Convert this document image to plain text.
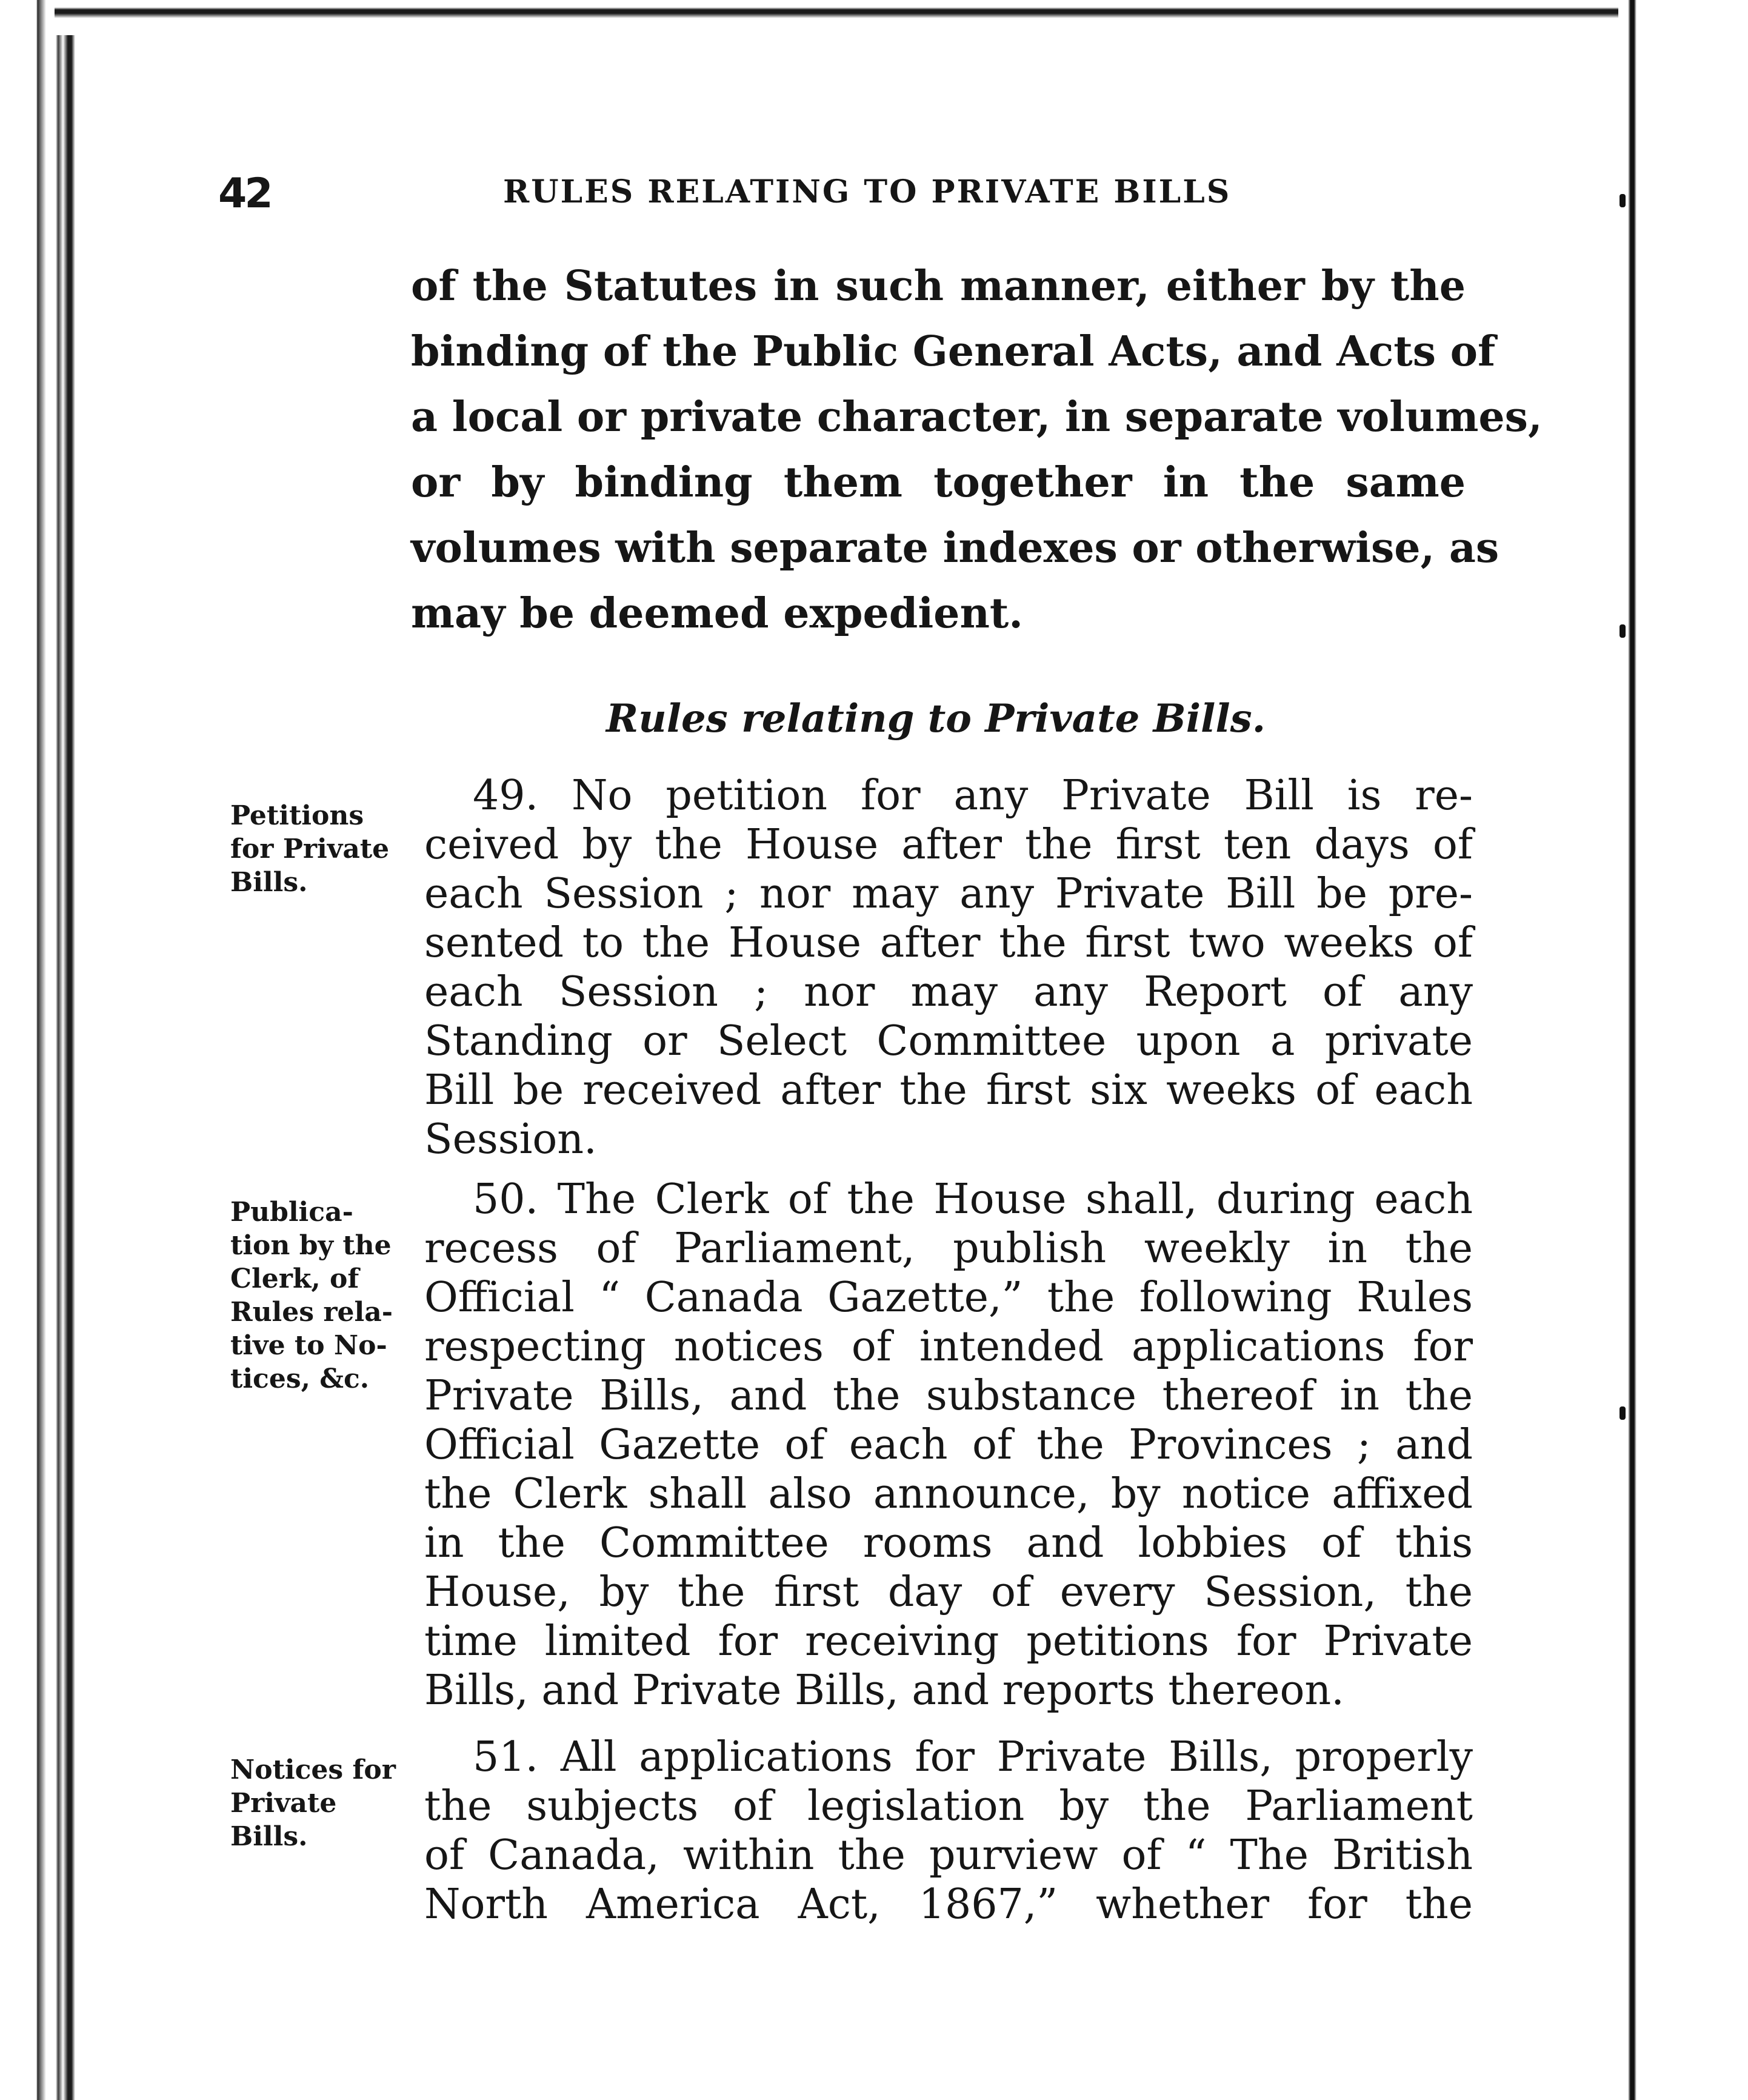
42	RULES RELATING TO PRIVATE BILLS
of the Statutes in such manner, either by the
binding of the Public General Acts, and Acts of
a local or private character, in separate volumes,
or by binding them together in the same
volumes with separate indexes or otherwise, as
may be deemed expedient.
Rules relating to Private Bills.
Petitions
for Private
Bills.
49. No petition for any Private Bill is re-
ceived by the House after the first ten days of
each Session ; nor may any Private Bill be pre-
sented to the House after the first two weeks of
each Session ; nor may any Report of any
Standing or Select Committee upon a private
Bill be received after the first six weeks of each
Session.
Publica-
tion by the
Clerk, of
Rules rela-
tive to No-
tices, &c.
50. The Clerk of the House shall, during each
recess of Parliament, publish weekly in the
Official “ Canada Gazette,” the following Rules
respecting notices of intended applications for
Private Bills, and the substance thereof in the
Official Gazette of each of the Provinces ; and
the Clerk shall also announce, by notice affixed
in the Committee rooms and lobbies of this
House, by the first day of every Session, the
time limited for receiving petitions for Private
Bills, and Private Bills, and reports thereon.
Notices for
Private
Bills.
51. All applications for Private Bills, properly
the subjects of legislation by the Parliament
of Canada, within the purview of “ The British
North America Act, 1867,” whether for the
